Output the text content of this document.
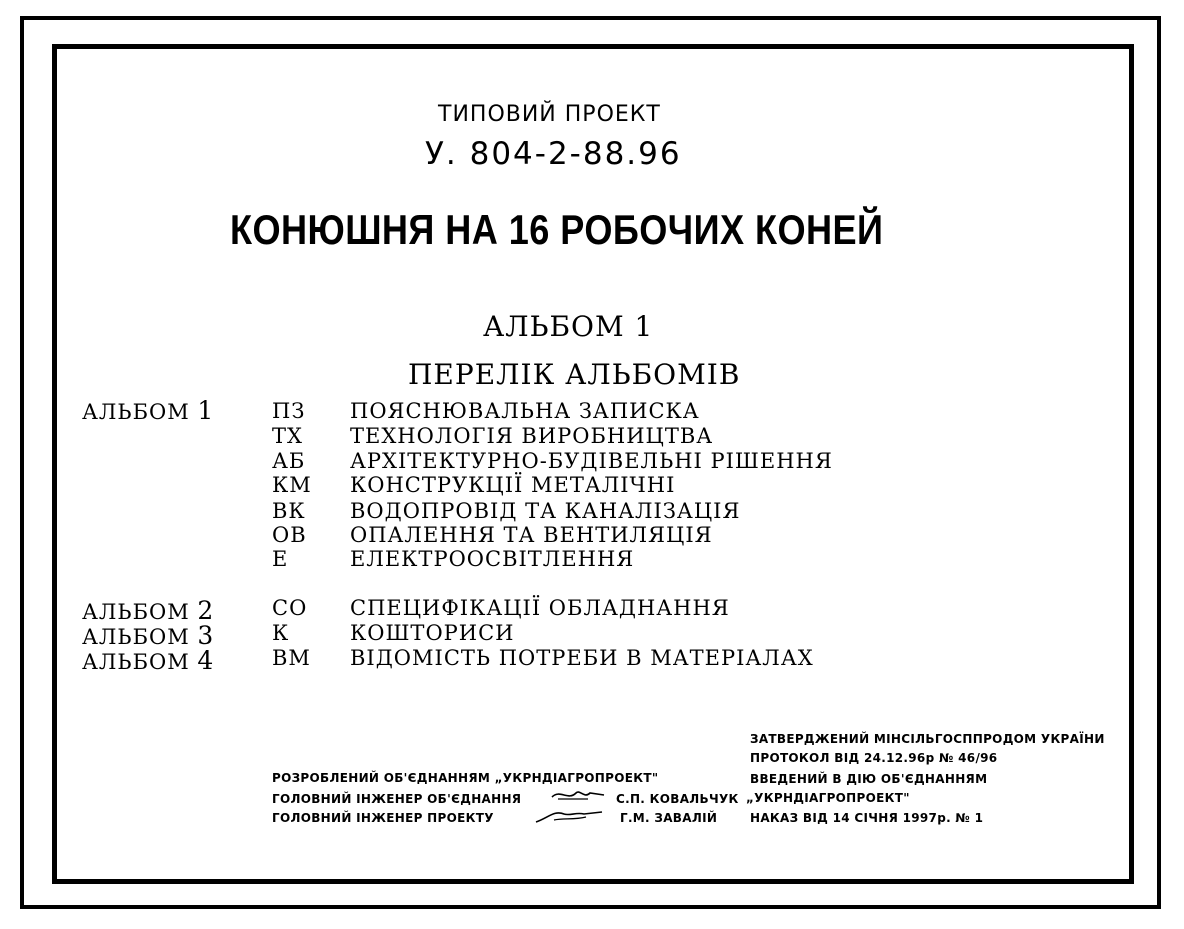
ТИПОВИЙ ПРОЕКТ
У. 804-2-88.96
КОНЮШНЯ НА 16 РОБОЧИХ КОНЕЙ
АЛЬБОМ 1
ПЕРЕЛІК АЛЬБОМІВ
АЛЬБОМ 1	ПЗ ПОЯСНЮВАЛЬНА ЗАПИСКА
ТХ ТЕХНОЛОГІЯ ВИРОБНИЦТВА
АБ АРХІТЕКТУРНО-БУДІВЕЛЬНІ РІШЕННЯ
КМ КОНСТРУКЦІЇ МЕТАЛІЧНІ
ВК ВОДОПРОВІД ТА КАНАЛІЗАЦІЯ
ОВ ОПАЛЕННЯ ТА ВЕНТИЛЯЦІЯ
Е	ЕЛЕКТРООСВІТЛЕННЯ
АЛЬБОМ 2	СО СПЕЦИФІКАЦІЇ ОБЛАДНАННЯ
АЛЬБОМ 3	К	КОШТОРИСИ
АЛЬБОМ 4	ВМ ВІДОМІСТЬ ПОТРЕБИ В МАТЕРІАЛАХ
РОЗРОБЛЕНИЙ ОБ'ЄДНАННЯМ „УКРНДІАГРОПРОЕКТ"
ГОЛОВНИЙ ІНЖЕНЕР ОБ'ЄДНАННЯ	С.П. КОВАЛЬЧУК
ГОЛОВНИЙ ІНЖЕНЕР ПРОЕКТУ	Г.М. ЗАВАЛІЙ
ЗАТВЕРДЖЕНИЙ МІНСІЛЬГОСППРОДОМ УКРАЇНИ
ПРОТОКОЛ ВІД 24.12.96р № 46/96
ВВЕДЕНИЙ В ДІЮ ОБ'ЄДНАННЯМ
„УКРНДІАГРОПРОЕКТ"
НАКАЗ ВІД 14 СІЧНЯ 1997р. № 1
